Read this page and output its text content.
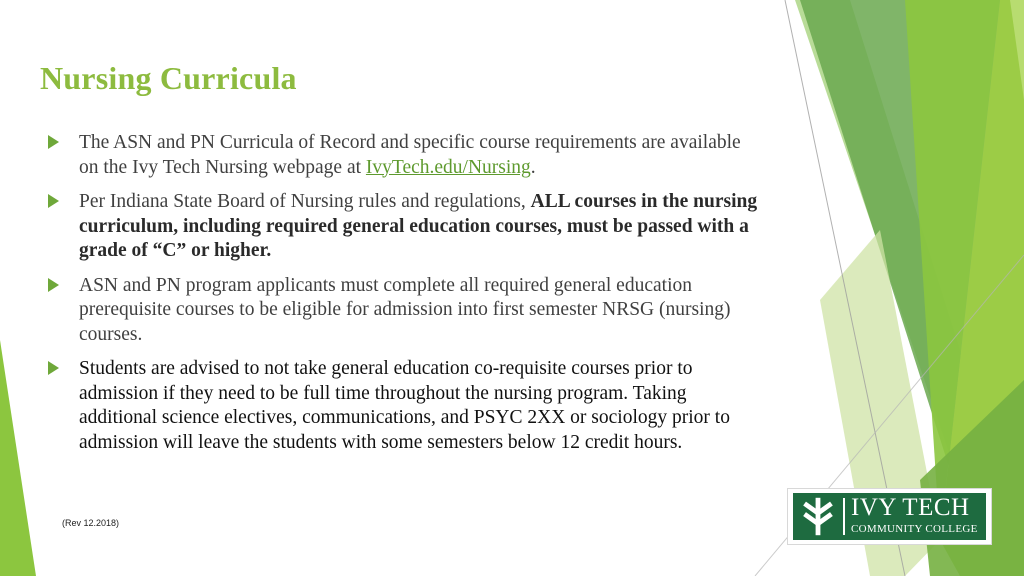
Nursing Curricula
The ASN and PN Curricula of Record and specific course requirements are available on the Ivy Tech Nursing webpage at IvyTech.edu/Nursing.
Per Indiana State Board of Nursing rules and regulations, ALL courses in the nursing curriculum, including required general education courses, must be passed with a grade of “C” or higher.
ASN and PN program applicants must complete all required general education prerequisite courses to be eligible for admission into first semester NRSG (nursing) courses.
Students are advised to not take general education co-requisite courses prior to admission if they need to be full time throughout the nursing program. Taking additional science electives, communications, and PSYC 2XX or sociology prior to admission will leave the students with some semesters below 12 credit hours.
(Rev 12.2018)
IVY TECH
COMMUNITY COLLEGE
